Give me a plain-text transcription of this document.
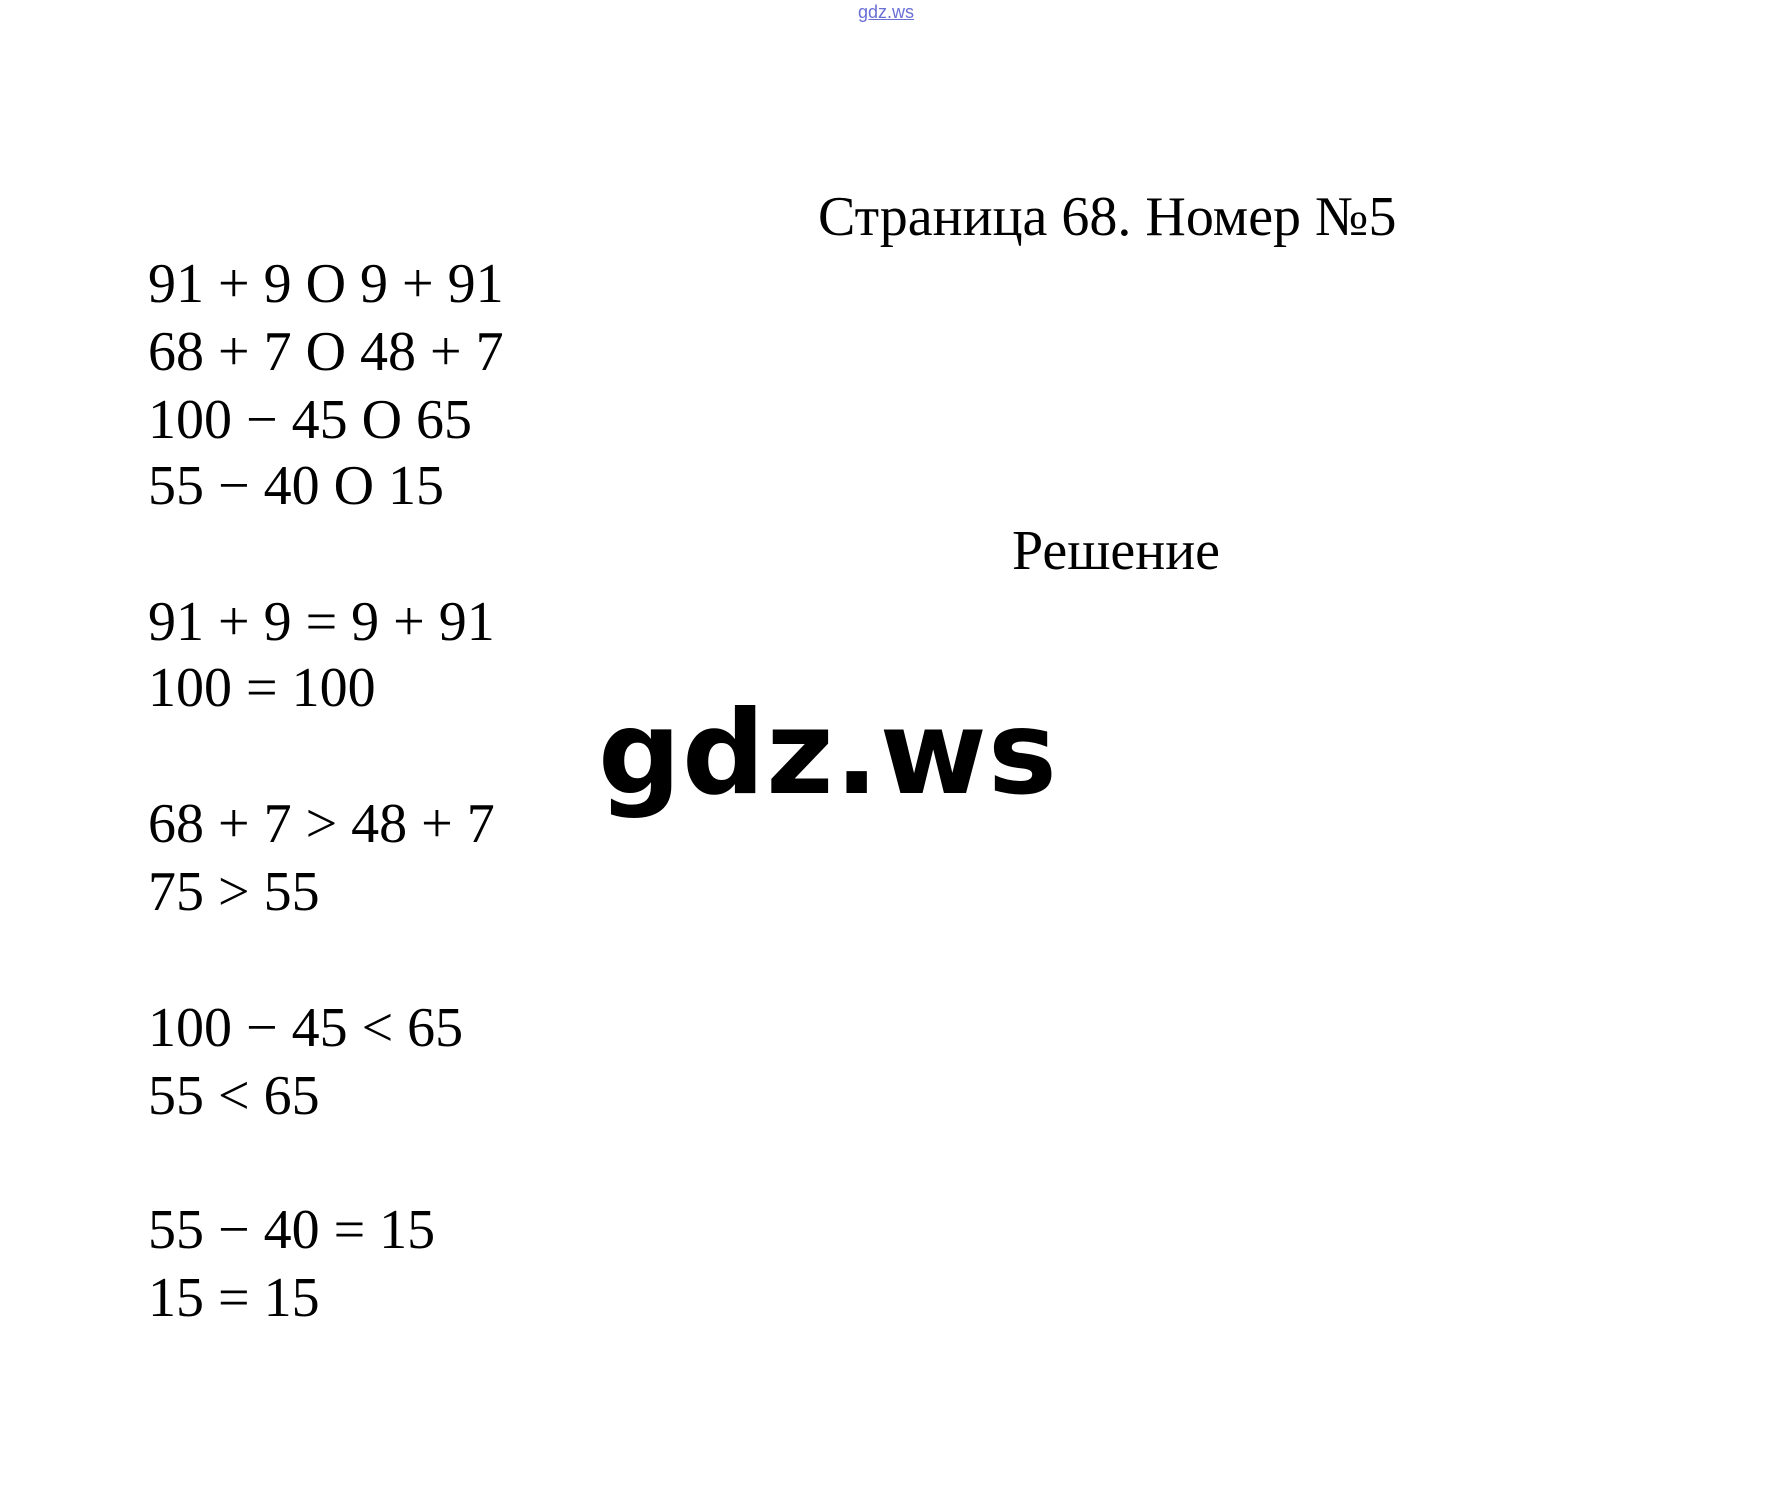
gdz.ws
Страница 68. Номер №5
91 + 9 O 9 + 91
68 + 7 O 48 + 7
100 − 45 O 65
55 − 40 O 15
Решение
91 + 9 = 9 + 91
100 = 100
68 + 7 > 48 + 7
75 > 55
100 − 45 < 65
55 < 65
55 − 40 = 15
15 = 15
gdz.ws
